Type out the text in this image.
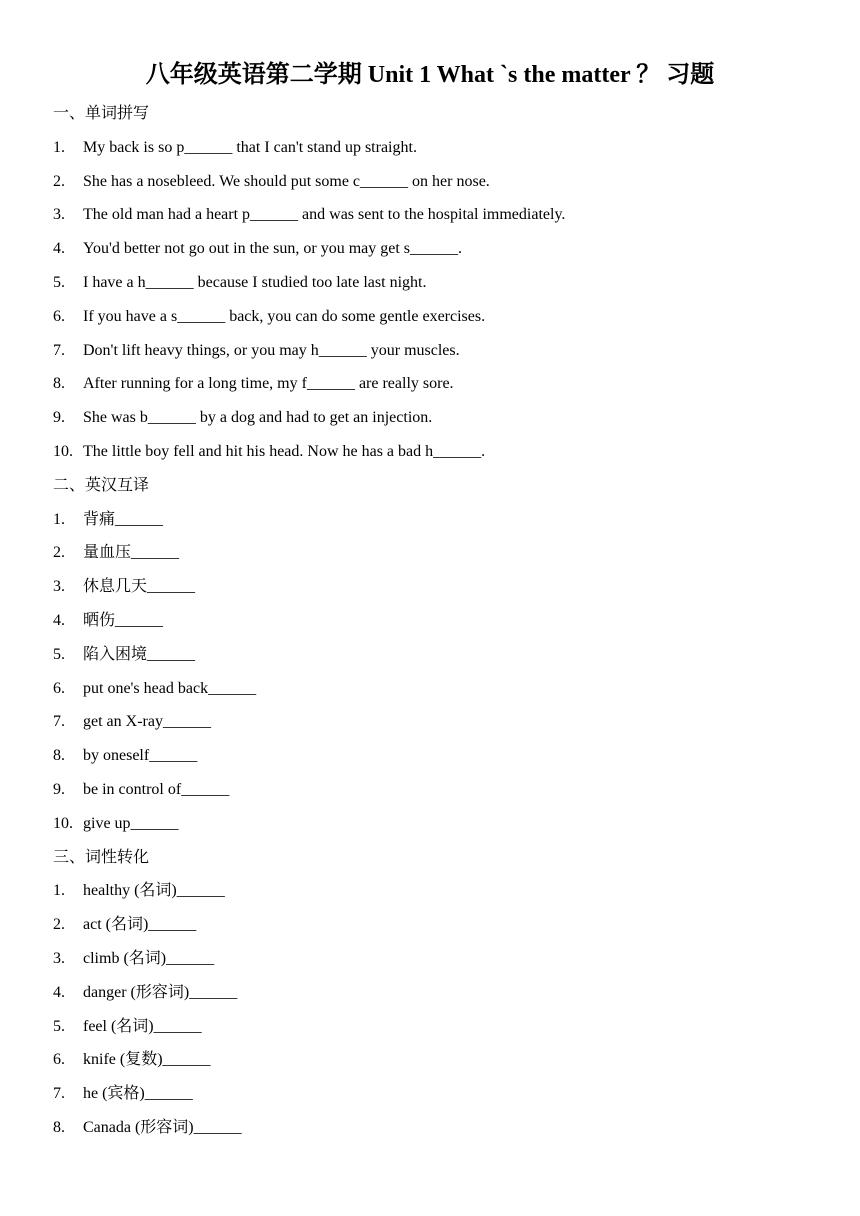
八年级英语第二学期 Unit 1 What `s the matter ？ 习题
一、单词拼写
1. My back is so p______ that I can't stand up straight.
2. She has a nosebleed. We should put some c______ on her nose.
3. The old man had a heart p______ and was sent to the hospital immediately.
4. You'd better not go out in the sun, or you may get s______.
5. I have a h______ because I studied too late last night.
6. If you have a s______ back, you can do some gentle exercises.
7. Don't lift heavy things, or you may h______ your muscles.
8. After running for a long time, my f______ are really sore.
9. She was b______ by a dog and had to get an injection.
10. The little boy fell and hit his head. Now he has a bad h______.
二、英汉互译
1. 背痛______
2. 量血压______
3. 休息几天______
4. 晒伤______
5. 陷入困境______
6. put one's head back______
7. get an X-ray______
8. by oneself______
9. be in control of______
10. give up______
三、词性转化
1. healthy (名词)______
2. act (名词)______
3. climb (名词)______
4. danger (形容词)______
5. feel (名词)______
6. knife (复数)______
7. he (宾格)______
8. Canada (形容词)______
